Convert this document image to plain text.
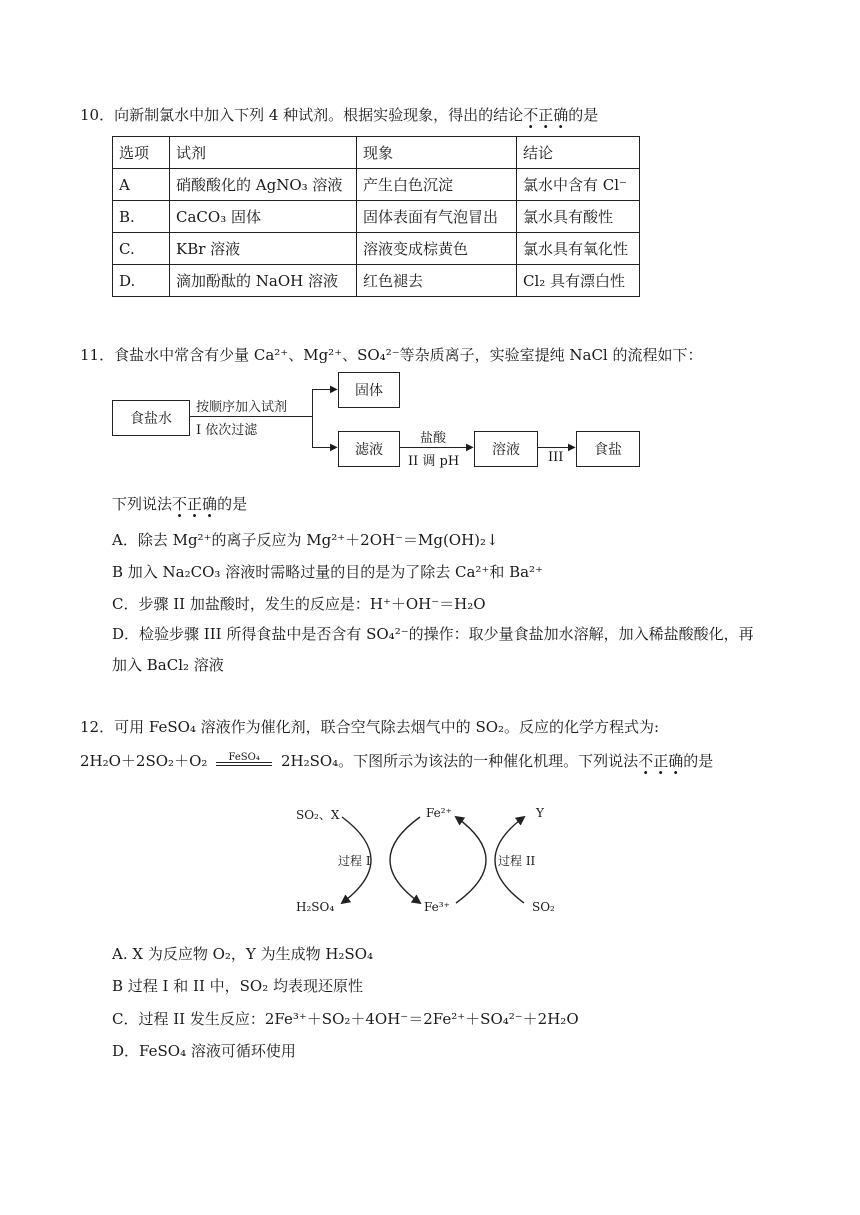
10．向新制氯水中加入下列 4 种试剂。根据实验现象，得出的结论不正确的是
选项	试剂	现象	结论
A	硝酸酸化的 AgNO₃ 溶液	产生白色沉淀	氯水中含有 Cl⁻
B.	CaCO₃ 固体	固体表面有气泡冒出	氯水具有酸性
C.	KBr 溶液	溶液变成棕黄色	氯水具有氧化性
D.	滴加酚酞的 NaOH 溶液	红色褪去	Cl₂ 具有漂白性
11．食盐水中常含有少量 Ca²⁺、Mg²⁺、SO₄²⁻等杂质离子，实验室提纯 NaCl 的流程如下：
食盐水
按顺序加入试剂
I 依次过滤
▶
▶
固体
滤液
盐酸
II 调 pH
▶	溶液	III
▶	食盐
下列说法不正确的是
A．除去 Mg²⁺的离子反应为 Mg²⁺＋2OH⁻＝Mg(OH)₂↓
B 加入 Na₂CO₃ 溶液时需略过量的目的是为了除去 Ca²⁺和 Ba²⁺
C．步骤 II 加盐酸时，发生的反应是：H⁺＋OH⁻＝H₂O
D．检验步骤 III 所得食盐中是否含有 SO₄²⁻的操作：取少量食盐加水溶解，加入稀盐酸酸化，再
加入 BaCl₂ 溶液
12．可用 FeSO₄ 溶液作为催化剂，联合空气除去烟气中的 SO₂。反应的化学方程式为:
2H₂O＋2SO₂＋O₂	FeSO₄	2H₂SO₄。下图所示为该法的一种催化机理。下列说法不正确的是
SO₂、X	Fe²⁺	Y
过程 I	过程 II
H₂SO₄	Fe³⁺	SO₂
A. X 为反应物 O₂，Y 为生成物 H₂SO₄
B 过程 I 和 II 中，SO₂ 均表现还原性
C．过程 II 发生反应：2Fe³⁺＋SO₂＋4OH⁻＝2Fe²⁺＋SO₄²⁻＋2H₂O
D．FeSO₄ 溶液可循环使用
